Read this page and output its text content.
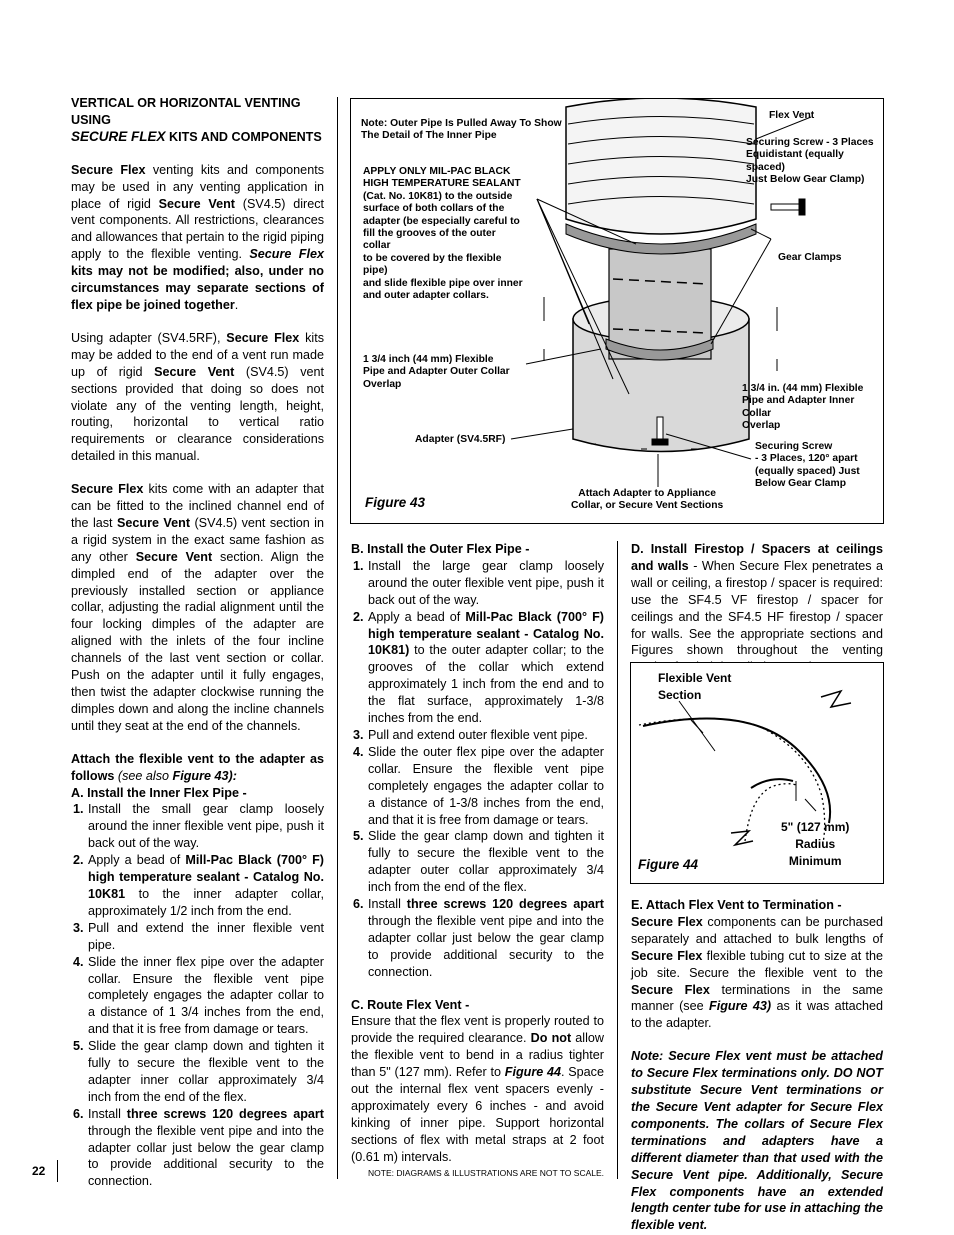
VERTICAL OR HORIZONTAL VENTING USING
SECURE FLEX KITS AND COMPONENTS

Secure Flex venting kits and components may be used in any venting application in place of rigid Secure Vent (SV4.5) direct vent components. All restrictions, clearances and allowances that pertain to the rigid piping apply to the flexible venting. Secure Flex kits may not be modified; also, under no circumstances may separate sections of flex pipe be joined together.

Using adapter (SV4.5RF), Secure Flex kits may be added to the end of a vent run made up of rigid Secure Vent (SV4.5) vent sections provided that doing so does not violate any of the venting length, height, routing, horizontal to vertical ratio requirements or clearance considerations detailed in this manual.

Secure Flex kits come with an adapter that can be fitted to the inclined channel end of the last Secure Vent (SV4.5) vent section in a rigid system in the exact same fashion as any other Secure Vent section. Align the dimpled end of the adapter over the previously installed section or appliance collar, adjusting the radial alignment until the four locking dimples of the adapter are aligned with the inlets of the four incline channels of the last vent section or collar. Push on the adapter until it fully engages, then twist the adapter clockwise running the dimples down and along the incline channels until they seat at the end of the channels.

Attach the flexible vent to the adapter as follows (see also Figure 43):

A. Install the Inner Flex Pipe -

1. Install the small gear clamp loosely around the inner flexible vent pipe, push it back out of the way.
2. Apply a bead of Mill-Pac Black (700° F) high temperature sealant - Catalog No. 10K81 to the inner adapter collar, approximately 1/2 inch from the end.
3. Pull and extend the inner flexible vent pipe.
4. Slide the inner flex pipe over the adapter collar. Ensure the flexible vent pipe completely engages the adapter collar to a distance of 1 3/4 inches from the end, and that it is free from damage or tears.
5. Slide the gear clamp down and tighten it fully to secure the flexible vent to the adapter inner collar approximately 3/4 inch from the end of the flex.
6. Install three screws 120 degrees apart through the flexible vent pipe and into the adapter collar just below the gear clamp to provide additional security to the connection.
Note: Outer Pipe Is Pulled Away To Show
The Detail of The Inner Pipe
APPLY ONLY MIL-PAC BLACK
HIGH TEMPERATURE SEALANT
(Cat. No. 10K81) to the outside
surface of both collars of the
adapter (be especially careful to
fill the grooves of the outer collar
to be covered by the flexible pipe)
and slide flexible pipe over inner
and outer adapter collars.
Flex Vent
Securing Screw - 3 Places
Equidistant (equally spaced)
Just Below Gear Clamp)
Gear Clamps
1 3/4 inch (44 mm) Flexible
Pipe and Adapter Outer Collar
Overlap	1 3/4 in. (44 mm) Flexible
Pipe and Adapter Inner Collar
Overlap
Adapter (SV4.5RF)
Securing Screw
- 3 Places, 120° apart
(equally spaced) Just
Below Gear Clamp
Attach Adapter to Appliance
Collar, or Secure Vent Sections
Figure 43

B. Install the Outer Flex Pipe -

1. Install the large gear clamp loosely around the outer flexible vent pipe, push it back out of the way.
2. Apply a bead of Mill-Pac Black (700° F) high temperature sealant - Catalog No. 10K81) to the outer adapter collar; to the grooves of the collar which extend approximately 1 inch from the end and to the flat surface, approximately 1-3/8 inches from the end.
3. Pull and extend outer flexible vent pipe.
4. Slide the outer flex pipe over the adapter collar. Ensure the flexible vent pipe completely engages the adapter collar to a distance of 1-3/8 inches from the end, and that it is free from damage or tears.
5. Slide the gear clamp down and tighten it fully to secure the flexible vent to the adapter outer collar approximately 3/4 inch from the end of the flex.
6. Install three screws 120 degrees apart through the flexible vent pipe and into the adapter collar just below the gear clamp to provide additional security to the connection.

C. Route Flex Vent -

Ensure that the flex vent is properly routed to provide the required clearance. Do not allow the flexible vent to bend in a radius tighter than 5" (127 mm). Refer to Figure 44. Space out the internal flex vent spacers evenly - approximately every 6 inches - and avoid kinking of inner pipe. Support horizontal sections of flex with metal straps at 2 foot (0.61 m) intervals.

D. Install Firestop / Spacers at ceilings and walls - When Secure Flex penetrates a wall or ceiling, a firestop / spacer is required: use the SF4.5 VF firestop / spacer for ceilings and the SF4.5 HF firestop / spacer for walls. See the appropriate sections and Figures shown throughout the venting

Flexible Vent
Section
5" (127 mm)
Radius
Minimum
Figure 44

E. Attach Flex Vent to Termination -

Secure Flex components can be purchased separately and attached to bulk lengths of Secure Flex flexible tubing cut to size at the job site. Secure the flexible vent to the Secure Flex terminations in the same manner (see Figure 43) as it was attached to the adapter.

Note: Secure Flex vent must be attached to Secure Flex terminations only. DO NOT substitute Secure Vent terminations or the Secure Vent adapter for Secure Flex components. The collars of Secure Flex terminations and adapters have a different diameter than that used with the Secure Vent pipe. Additionally, Secure Flex components have an extended length center tube for use in attaching the flexible vent.

22	NOTE: DIAGRAMS & ILLUSTRATIONS ARE NOT TO SCALE.
